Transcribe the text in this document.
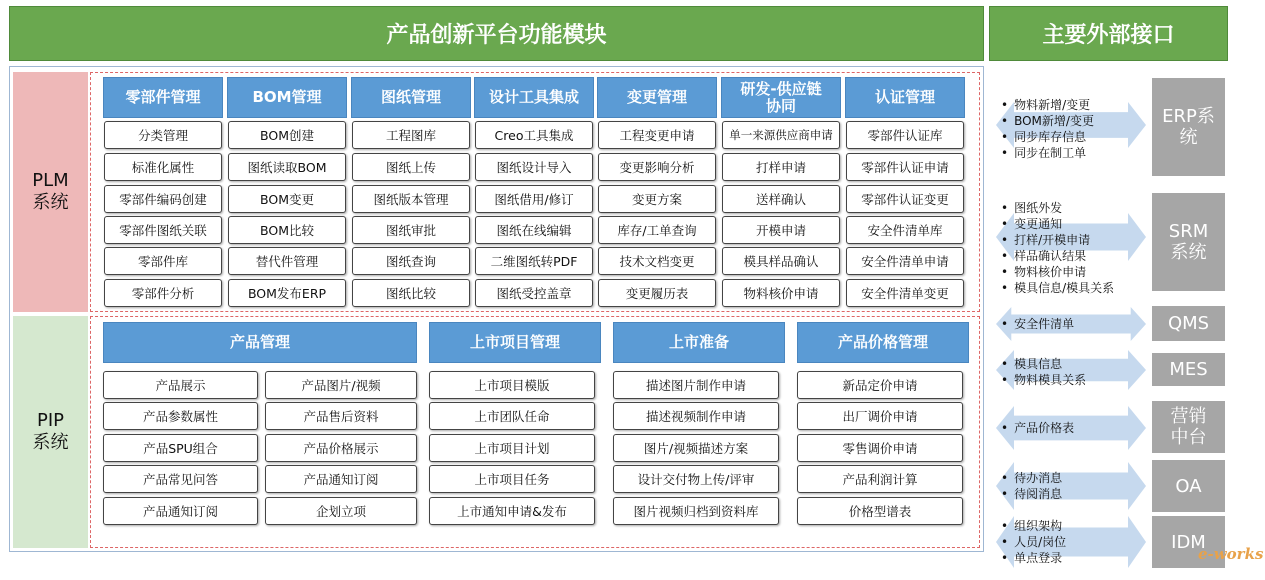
产品创新平台功能模块	主要外部接口
PLM
系统
PIP
系统
零部件管理
分类管理
标准化属性
零部件编码创建
零部件图纸关联
零部件库
零部件分析
BOM管理
BOM创建
图纸读取BOM
BOM变更
BOM比较
替代件管理
BOM发布ERP
图纸管理
工程图库
图纸上传
图纸版本管理
图纸审批
图纸查询
图纸比较
设计工具集成
Creo工具集成
图纸设计导入
图纸借用/修订
图纸在线编辑
二维图纸转PDF
图纸受控盖章
变更管理
工程变更申请
变更影响分析
变更方案
库存/工单查询
技术文档变更
变更履历表
研发-供应链
协同
单一来源供应商申请
打样申请
送样确认
开模申请
模具样品确认
物料核价申请
认证管理
零部件认证库
零部件认证申请
零部件认证变更
安全件清单库
安全件清单申请
安全件清单变更
产品管理
产品展示
产品参数属性
产品SPU组合
产品常见问答
产品通知订阅
产品图片/视频
产品售后资料
产品价格展示
产品通知订阅
企划立项
上市项目管理
上市项目模版
上市团队任命
上市项目计划
上市项目任务
上市通知申请&发布
上市准备
描述图片制作申请
描述视频制作申请
图片/视频描述方案
设计交付物上传/评审
图片视频归档到资料库
产品价格管理
新品定价申请
出厂调价申请
零售调价申请
产品利润计算
价格型谱表
• 物料新增/变更
• BOM新增/变更
• 同步库存信息
• 同步在制工单
ERP系
统
• 图纸外发
• 变更通知
• 打样/开模申请
• 样品确认结果
• 物料核价申请
• 模具信息/模具关系
SRM
系统
• 安全件清单	QMS
• 模具信息
• 物料模具关系	MES
• 产品价格表
营销
中台
• 待办消息
• 待阅消息	OA
• 组织架构
• 人员/岗位
• 单点登录
IDM
e-works
